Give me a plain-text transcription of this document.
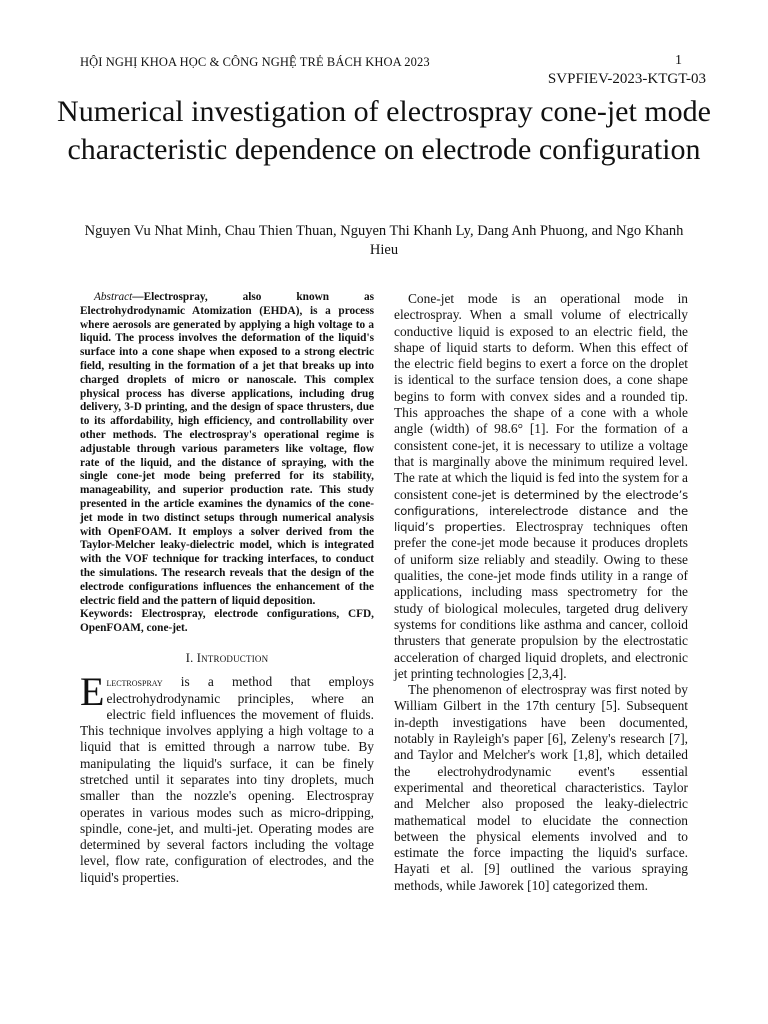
HỘI NGHỊ KHOA HỌC & CÔNG NGHỆ TRẺ BÁCH KHOA 2023	1
SVPFIEV-2023-KTGT-03
Numerical investigation of electrospray cone-jet mode characteristic dependence on electrode configuration
Nguyen Vu Nhat Minh, Chau Thien Thuan, Nguyen Thi Khanh Ly, Dang Anh Phuong, and Ngo Khanh Hieu

Abstract—Electrospray, also known as Electrohydrodynamic Atomization (EHDA), is a process where aerosols are generated by applying a high voltage to a liquid. The process involves the deformation of the liquid's surface into a cone shape when exposed to a strong electric field, resulting in the formation of a jet that breaks up into charged droplets of micro or nanoscale. This complex physical process has diverse applications, including drug delivery, 3-D printing, and the design of space thrusters, due to its affordability, high efficiency, and controllability over other methods. The electrospray's operational regime is adjustable through various parameters like voltage, flow rate of the liquid, and the distance of spraying, with the single cone-jet mode being preferred for its stability, manageability, and superior production rate. This study presented in the article examines the dynamics of the cone-jet mode in two distinct setups through numerical analysis with OpenFOAM. It employs a solver derived from the Taylor-Melcher leaky-dielectric model, which is integrated with the VOF technique for tracking interfaces, to conduct the simulations. The research reveals that the design of the electrode configurations influences the enhancement of the electric field and the pattern of liquid deposition.

Keywords: Electrospray, electrode configurations, CFD, OpenFOAM, cone-jet.

I. Introduction

Electrospray is a method that employs electrohydrodynamic principles, where an electric field influences the movement of fluids. This technique involves applying a high voltage to a liquid that is emitted through a narrow tube. By manipulating the liquid's surface, it can be finely stretched until it separates into tiny droplets, much smaller than the nozzle's opening. Electrospray operates in various modes such as micro-dripping, spindle, cone-jet, and multi-jet. Operating modes are determined by several factors including the voltage level, flow rate, configuration of electrodes, and the liquid's properties.

Cone-jet mode is an operational mode in electrospray. When a small volume of electrically conductive liquid is exposed to an electric field, the shape of liquid starts to deform. When this effect of the electric field begins to exert a force on the droplet is identical to the surface tension does, a cone shape begins to form with convex sides and a rounded tip. This approaches the shape of a cone with a whole angle (width) of 98.6° [1]. For the formation of a consistent cone-jet, it is necessary to utilize a voltage that is marginally above the minimum required level. The rate at which the liquid is fed into the system for a consistent cone-jet is determined by the electrode’s configurations, interelectrode distance and the liquid’s properties. Electrospray techniques often prefer the cone-jet mode because it produces droplets of uniform size reliably and steadily. Owing to these qualities, the cone-jet mode finds utility in a range of applications, including mass spectrometry for the study of biological molecules, targeted drug delivery systems for conditions like asthma and cancer, colloid thrusters that generate propulsion by the electrostatic acceleration of charged liquid droplets, and electronic jet printing technologies [2,3,4].

The phenomenon of electrospray was first noted by William Gilbert in the 17th century [5]. Subsequent in-depth investigations have been documented, notably in Rayleigh's paper [6], Zeleny's research [7], and Taylor and Melcher's work [1,8], which detailed the electrohydrodynamic event's essential experimental and theoretical characteristics. Taylor and Melcher also proposed the leaky-dielectric mathematical model to elucidate the connection between the physical elements involved and to estimate the force impacting the liquid's surface. Hayati et al. [9] outlined the various spraying methods, while Jaworek [10] categorized them.
